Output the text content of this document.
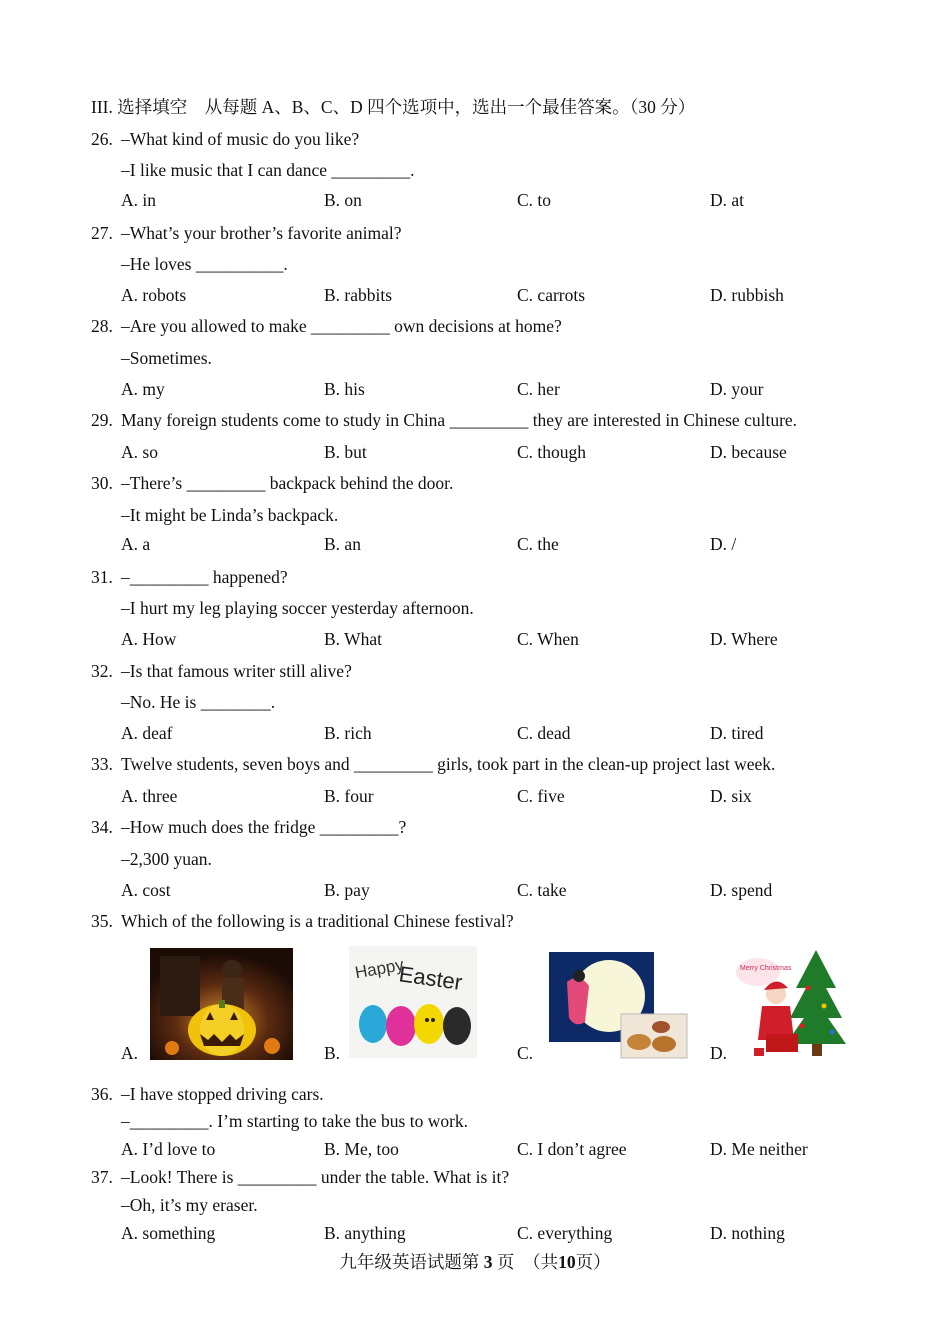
III. 选择填空　从每题 A、B、C、D 四个选项中，选出一个最佳答案。（30 分）
26. –What kind of music do you like?
–I like music that I can dance _________.
A. in	B. on	C. to	D. at
27. –What’s your brother’s favorite animal?
–He loves __________.
A. robots	B. rabbits	C. carrots	D. rubbish
28. –Are you allowed to make _________ own decisions at home?
–Sometimes.
A. my	B. his	C. her	D. your
29. Many foreign students come to study in China _________ they are interested in Chinese culture.
A. so	B. but	C. though	D. because
30. –There’s _________ backpack behind the door.
–It might be Linda’s backpack.
A. a	B. an	C. the	D. /
31. –_________ happened?
–I hurt my leg playing soccer yesterday afternoon.
A. How	B. What	C. When	D. Where
32. –Is that famous writer still alive?
–No. He is ________.
A. deaf	B. rich	C. dead	D. tired
33. Twelve students, seven boys and _________ girls, took part in the clean-up project last week.
A. three	B. four	C. five	D. six
34. –How much does the fridge _________?
–2,300 yuan.
A. cost	B. pay	C. take	D. spend
35. Which of the following is a traditional Chinese festival?
A.	B.
Happy
Easter
C.	D.
Merry Christmas
36. –I have stopped driving cars.
–_________. I’m starting to take the bus to work.
A. I’d love to	B. Me, too	C. I don’t agree	D. Me neither
37. –Look! There is _________ under the table. What is it?
–Oh, it’s my eraser.
A. something	B. anything	C. everything	D. nothing
九年级英语试题第 3 页　（共10页）
